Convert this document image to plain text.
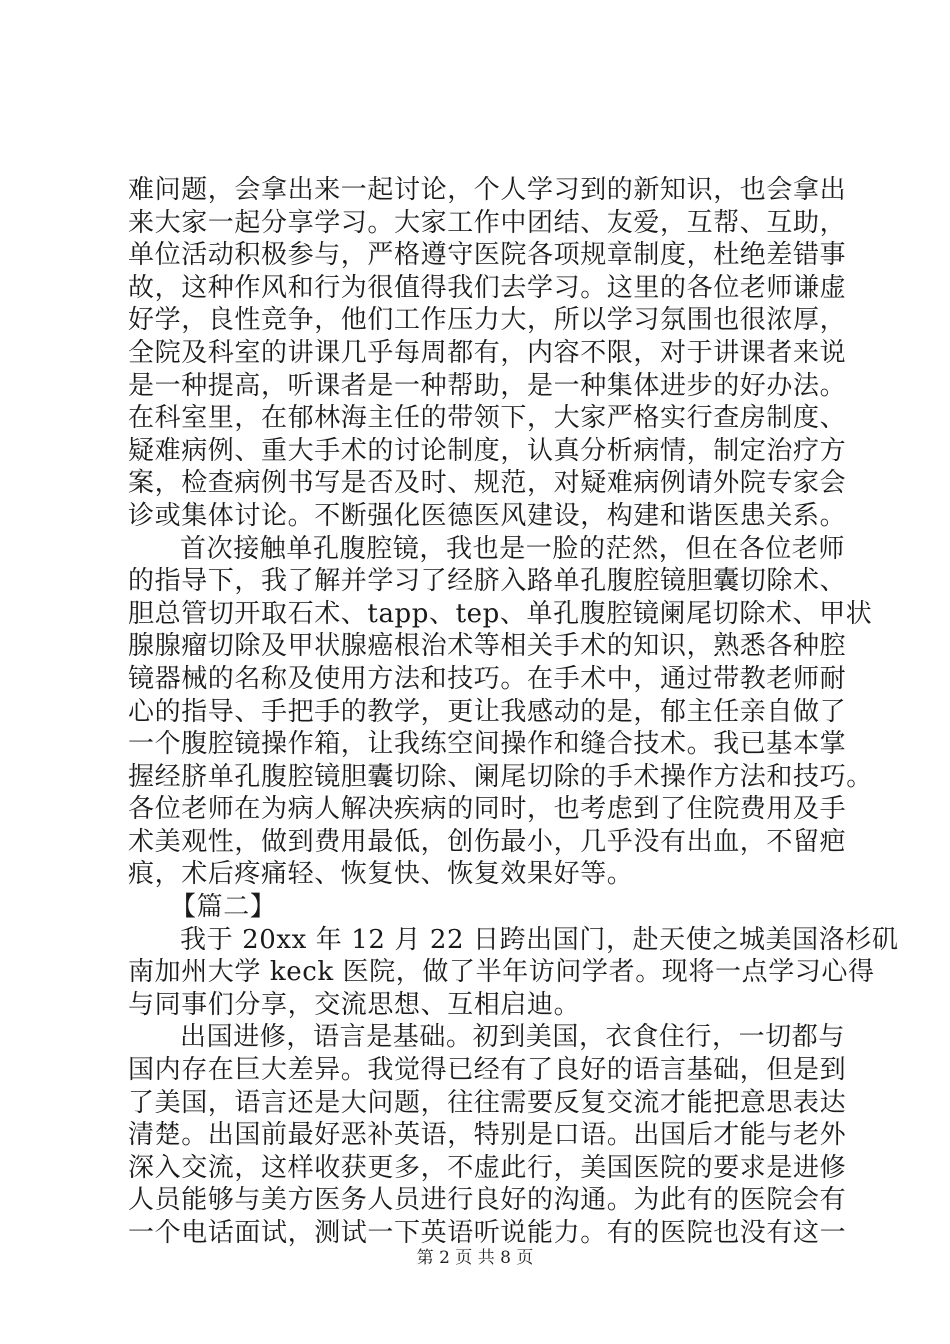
难问题，会拿出来一起讨论，个人学习到的新知识，也会拿出
来大家一起分享学习。大家工作中团结、友爱，互帮、互助，
单位活动积极参与，严格遵守医院各项规章制度，杜绝差错事
故，这种作风和行为很值得我们去学习。这里的各位老师谦虚
好学，良性竞争，他们工作压力大，所以学习氛围也很浓厚，
全院及科室的讲课几乎每周都有，内容不限，对于讲课者来说
是一种提高，听课者是一种帮助，是一种集体进步的好办法。
在科室里，在郁林海主任的带领下，大家严格实行查房制度、
疑难病例、重大手术的讨论制度，认真分析病情，制定治疗方
案，检查病例书写是否及时、规范，对疑难病例请外院专家会
诊或集体讨论。不断强化医德医风建设，构建和谐医患关系。
首次接触单孔腹腔镜，我也是一脸的茫然，但在各位老师
的指导下，我了解并学习了经脐入路单孔腹腔镜胆囊切除术、
胆总管切开取石术、tapp、tep、单孔腹腔镜阑尾切除术、甲状
腺腺瘤切除及甲状腺癌根治术等相关手术的知识，熟悉各种腔
镜器械的名称及使用方法和技巧。在手术中，通过带教老师耐
心的指导、手把手的教学，更让我感动的是，郁主任亲自做了
一个腹腔镜操作箱，让我练空间操作和缝合技术。我已基本掌
握经脐单孔腹腔镜胆囊切除、阑尾切除的手术操作方法和技巧。
各位老师在为病人解决疾病的同时，也考虑到了住院费用及手
术美观性，做到费用最低，创伤最小，几乎没有出血，不留疤
痕，术后疼痛轻、恢复快、恢复效果好等。
【篇二】
我于 20xx 年 12 月 22 日跨出国门，赴天使之城美国洛杉矶
南加州大学 keck 医院，做了半年访问学者。现将一点学习心得
与同事们分享，交流思想、互相启迪。
出国进修，语言是基础。初到美国，衣食住行，一切都与
国内存在巨大差异。我觉得已经有了良好的语言基础，但是到
了美国，语言还是大问题，往往需要反复交流才能把意思表达
清楚。出国前最好恶补英语，特别是口语。出国后才能与老外
深入交流，这样收获更多，不虚此行，美国医院的要求是进修
人员能够与美方医务人员进行良好的沟通。为此有的医院会有
一个电话面试，测试一下英语听说能力。有的医院也没有这一
第 2 页 共 8 页
